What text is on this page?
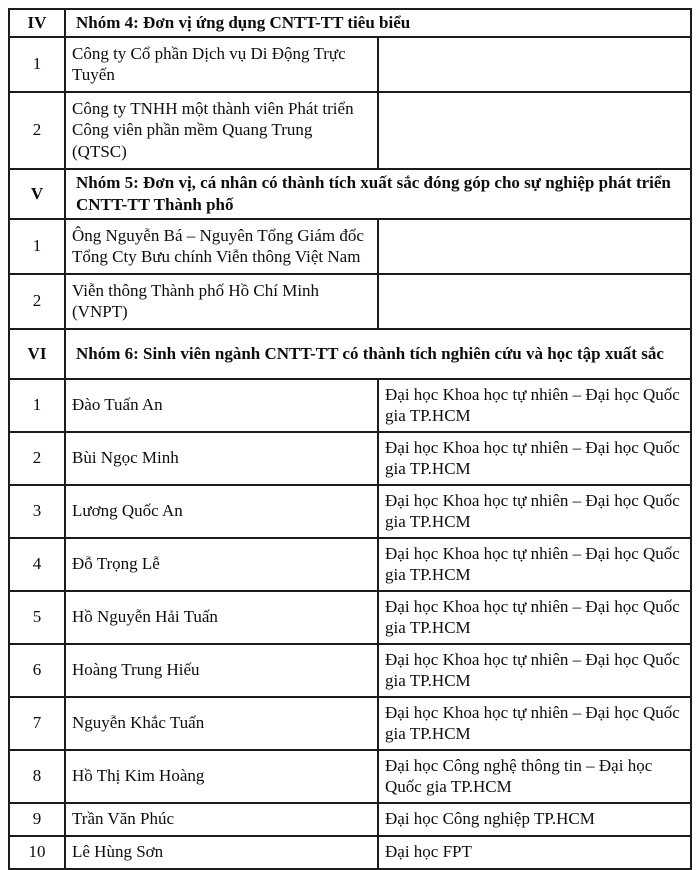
IV	Nhóm 4: Đơn vị ứng dụng CNTT-TT tiêu biểu	
1	Công ty Cổ phần Dịch vụ Di Động Trực Tuyến	
2	Công ty TNHH một thành viên Phát triển Công viên phần mềm Quang Trung (QTSC)	
V	Nhóm 5: Đơn vị, cá nhân có thành tích xuất sắc đóng góp cho sự nghiệp phát triển CNTT-TT Thành phố	
1	Ông Nguyễn Bá – Nguyên Tổng Giám đốc Tổng Cty Bưu chính Viễn thông Việt Nam	
2	Viễn thông Thành phố Hồ Chí Minh (VNPT)	
VI	Nhóm 6: Sinh viên ngành CNTT-TT có thành tích nghiên cứu và học tập xuất sắc	
1	Đào Tuấn An	Đại học Khoa học tự nhiên – Đại học Quốc gia TP.HCM
2	Bùi Ngọc Minh	Đại học Khoa học tự nhiên – Đại học Quốc gia TP.HCM
3	Lương Quốc An	Đại học Khoa học tự nhiên – Đại học Quốc gia TP.HCM
4	Đỗ Trọng Lễ	Đại học Khoa học tự nhiên – Đại học Quốc gia TP.HCM
5	Hồ Nguyễn Hải Tuấn	Đại học Khoa học tự nhiên – Đại học Quốc gia TP.HCM
6	Hoàng Trung Hiếu	Đại học Khoa học tự nhiên – Đại học Quốc gia TP.HCM
7	Nguyễn Khắc Tuấn	Đại học Khoa học tự nhiên – Đại học Quốc gia TP.HCM
8	Hồ Thị Kim Hoàng	Đại học Công nghệ thông tin – Đại học Quốc gia TP.HCM
9	Trần Văn Phúc	Đại học Công nghiệp TP.HCM
10	Lê Hùng Sơn	Đại học FPT
